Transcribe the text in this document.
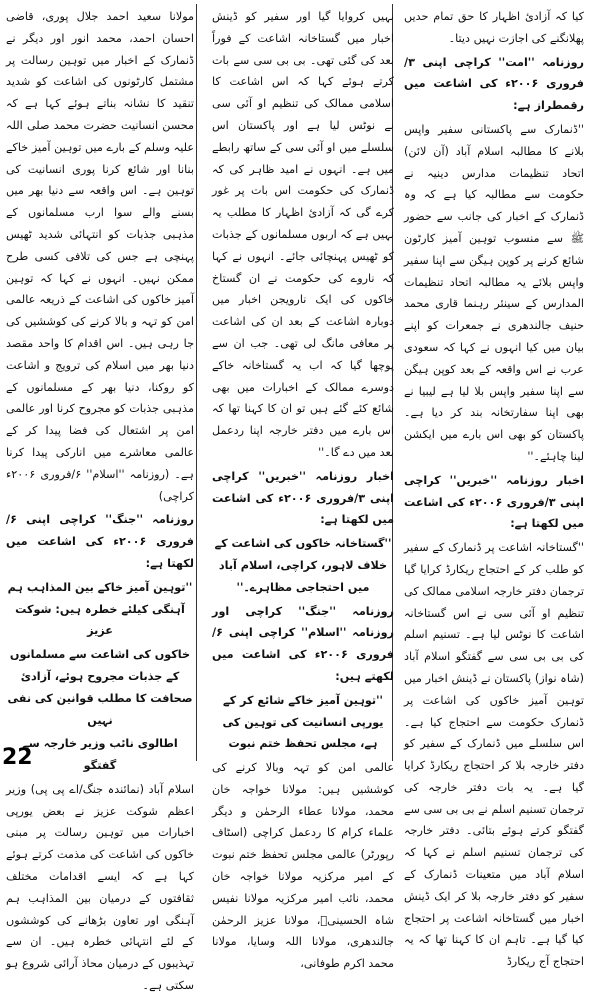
کیا کہ آزادئ اظہار کا حق تمام حدیں پھلانگنے کی اجازت نہیں دیتا۔
روزنامہ ''امت'' کراچی اپنی ۳/فروری ۲۰۰۶ء کی اشاعت میں رقمطراز ہے:
''ڈنمارک سے پاکستانی سفیر واپس بلانے کا مطالبہ اسلام آباد (آن لائن) اتحاد تنظیمات مدارس دینیہ نے حکومت سے مطالبہ کیا ہے کہ وہ ڈنمارک کے اخبار کی جانب سے حضور ﷺ سے منسوب توہین آمیز کارٹون شائع کرنے پر کوپن ہیگن سے اپنا سفیر واپس بلائے یہ مطالبہ اتحاد تنظیمات المدارس کے سینئر رہنما قاری محمد حنیف جالندھری نے جمعرات کو اپنے بیان میں کیا انہوں نے کہا کہ سعودی عرب نے اس واقعہ کے بعد کوپن ہیگن سے اپنا سفیر واپس بلا لیا ہے لیبیا نے بھی اپنا سفارتخانہ بند کر دیا ہے۔ پاکستان کو بھی اس بارے میں ایکشن لینا چاہئے۔''
اخبار روزنامہ ''خبریں'' کراچی اپنی ۳/فروری ۲۰۰۶ء کی اشاعت میں لکھتا ہے:
''گستاخانہ اشاعت پر ڈنمارک کے سفیر کو طلب کر کے احتجاج ریکارڈ کرایا گیا ترجمان دفتر خارجہ اسلامی ممالک کی تنظیم او آئی سی نے اس گستاخانہ اشاعت کا نوٹس لیا ہے۔ تسنیم اسلم کی بی بی سی سے گفتگو اسلام آباد (شاہ نواز) پاکستان نے ڈینش اخبار میں توہین آمیز خاکوں کی اشاعت پر ڈنمارک حکومت سے احتجاج کیا ہے۔ اس سلسلے میں ڈنمارک کے سفیر کو دفتر خارجہ بلا کر احتجاج ریکارڈ کرایا گیا ہے۔ یہ بات دفتر خارجہ کی ترجمان تسنیم اسلم نے بی بی سی سے گفتگو کرتے ہوئے بتائی۔ دفتر خارجہ کی ترجمان تسنیم اسلم نے کہا کہ اسلام آباد میں متعینات ڈنمارک کے سفیر کو دفتر خارجہ بلا کر ایک ڈینش اخبار میں گستاخانہ اشاعت پر احتجاج کیا گیا ہے۔ تاہم ان کا کہنا تھا کہ یہ احتجاج آج ریکارڈ
نہیں کروایا گیا اور سفیر کو ڈینش اخبار میں گستاخانہ اشاعت کے فوراً بعد کی گئی تھی۔ بی بی سی سے بات کرتے ہوئے کہا کہ اس اشاعت کا اسلامی ممالک کی تنظیم او آئی سی نے نوٹس لیا ہے اور پاکستان اس سلسلے میں او آئی سی کے ساتھ رابطے میں ہے۔ انہوں نے امید ظاہر کی کہ ڈنمارک کی حکومت اس بات پر غور کرے گی کہ آزادئ اظہار کا مطلب یہ نہیں ہے کہ اربوں مسلمانوں کے جذبات کو ٹھیس پہنچائی جائے۔ انہوں نے کہا کہ ناروے کی حکومت نے ان گستاخ خاکوں کی ایک نارویجن اخبار میں دوبارہ اشاعت کے بعد ان کی اشاعت پر معافی مانگ لی تھی۔ جب ان سے پوچھا گیا کہ اب یہ گستاخانہ خاکے دوسرے ممالک کے اخبارات میں بھی شائع کئے گئے ہیں تو ان کا کہنا تھا کہ اس بارے میں دفتر خارجہ اپنا ردعمل بعد میں دے گا۔''
اخبار روزنامہ ''خبریں'' کراچی اپنی ۳/فروری ۲۰۰۶ء کی اشاعت میں لکھتا ہے:
''گستاخانہ خاکوں کی اشاعت کے خلاف لاہور، کراچی، اسلام آباد میں احتجاجی مظاہرے۔''
روزنامہ ''جنگ'' کراچی اور روزنامہ ''اسلام'' کراچی اپنی ۶/فروری ۲۰۰۶ء کی اشاعت میں لکھتے ہیں:
''توہین آمیز خاکے شائع کر کے یورپی انسانیت کی توہین کی ہے، مجلس تحفظ ختم نبوت
عالمی امن کو تہہ وبالا کرنے کی کوششیں ہیں: مولانا خواجہ خان محمد، مولانا عطاء الرحمٰن و دیگر علماء کرام کا ردعمل کراچی (اسٹاف رپورٹر) عالمی مجلس تحفظ ختم نبوت کے امیر مرکزیہ مولانا خواجہ خان محمد، نائب امیر مرکزیہ مولانا نفیس شاہ الحسینیؒ، مولانا عزیز الرحمٰن جالندھری، مولانا اللہ وسایا، مولانا محمد اکرم طوفانی،
مولانا سعید احمد جلال پوری، قاضی احسان احمد، محمد انور اور دیگر نے ڈنمارک کے اخبار میں توہین رسالت پر مشتمل کارٹونوں کی اشاعت کو شدید تنقید کا نشانہ بناتے ہوئے کہا ہے کہ محسن انسانیت حضرت محمد صلی اللہ علیہ وسلم کے بارے میں توہین آمیز خاکے بنانا اور شائع کرنا پوری انسانیت کی توہین ہے۔ اس واقعہ سے دنیا بھر میں بسنے والے سوا ارب مسلمانوں کے مذہبی جذبات کو انتہائی شدید ٹھیس پہنچی ہے جس کی تلافی کسی طرح ممکن نہیں۔ انہوں نے کہا کہ توہین آمیز خاکوں کی اشاعت کے ذریعہ عالمی امن کو تہہ و بالا کرنے کی کوششیں کی جا رہی ہیں۔ اس اقدام کا واحد مقصد دنیا بھر میں اسلام کی ترویج و اشاعت کو روکنا، دنیا بھر کے مسلمانوں کے مذہبی جذبات کو مجروح کرنا اور عالمی امن پر اشتعال کی فضا پیدا کر کے عالمی معاشرے میں انارکی پیدا کرنا ہے۔ (روزنامہ ''اسلام'' ۶/فروری ۲۰۰۶ء کراچی)
روزنامہ ''جنگ'' کراچی اپنی ۶/فروری ۲۰۰۶ء کی اشاعت میں لکھتا ہے:
''توہین آمیز خاکے بین المذاہب ہم آہنگی کیلئے خطرہ ہیں: شوکت عزیز
خاکوں کی اشاعت سے مسلمانوں کے جذبات مجروح ہوئے، آزادئ صحافت کا مطلب قوانین کی نفی نہیں
اطالوی نائب وزیر خارجہ سے گفتگو
اسلام آباد (نمائندہ جنگ/اے پی پی) وزیر اعظم شوکت عزیز نے بعض یورپی اخبارات میں توہین رسالت پر مبنی خاکوں کی اشاعت کی مذمت کرتے ہوئے کہا ہے کہ ایسے اقدامات مختلف ثقافتوں کے درمیان بین المذاہب ہم آہنگی اور تعاون بڑھانے کی کوششوں کے لئے انتہائی خطرہ ہیں۔ ان سے تہذیبوں کے درمیان محاذ آرائی شروع ہو سکتی ہے۔
22
